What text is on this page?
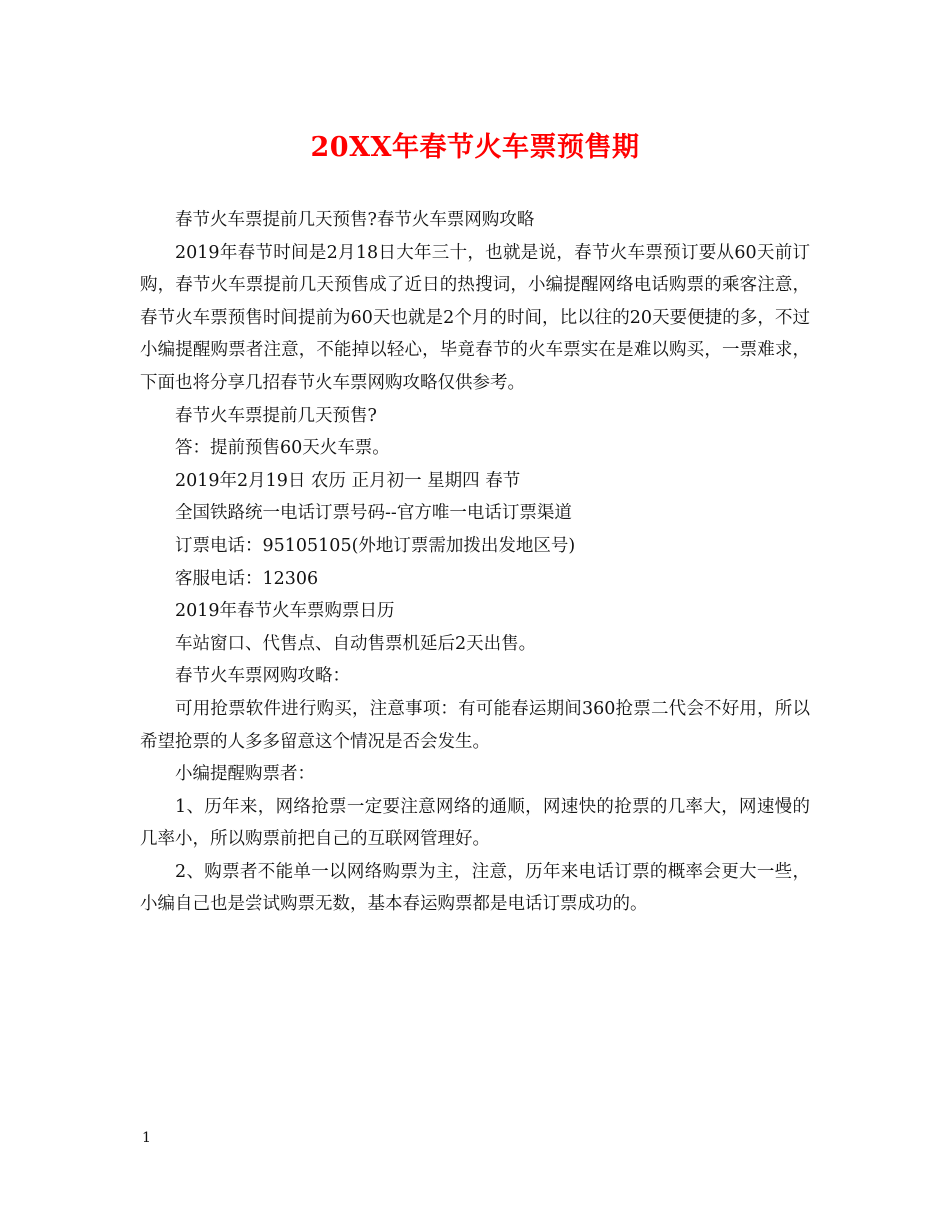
20XX年春节火车票预售期

春节火车票提前几天预售?春节火车票网购攻略

2019年春节时间是2月18日大年三十，也就是说，春节火车票预订要从60天前订购，春节火车票提前几天预售成了近日的热搜词，小编提醒网络电话购票的乘客注意，春节火车票预售时间提前为60天也就是2个月的时间，比以往的20天要便捷的多，不过小编提醒购票者注意，不能掉以轻心，毕竟春节的火车票实在是难以购买，一票难求，下面也将分享几招春节火车票网购攻略仅供参考。

春节火车票提前几天预售?

答：提前预售60天火车票。

2019年2月19日 农历 正月初一 星期四 春节

全国铁路统一电话订票号码--官方唯一电话订票渠道

订票电话：95105105(外地订票需加拨出发地区号)

客服电话：12306

2019年春节火车票购票日历

车站窗口、代售点、自动售票机延后2天出售。

春节火车票网购攻略：

可用抢票软件进行购买，注意事项：有可能春运期间360抢票二代会不好用，所以希望抢票的人多多留意这个情况是否会发生。

小编提醒购票者：

1、历年来，网络抢票一定要注意网络的通顺，网速快的抢票的几率大，网速慢的几率小，所以购票前把自己的互联网管理好。

2、购票者不能单一以网络购票为主，注意，历年来电话订票的概率会更大一些，小编自己也是尝试购票无数，基本春运购票都是电话订票成功的。

1
